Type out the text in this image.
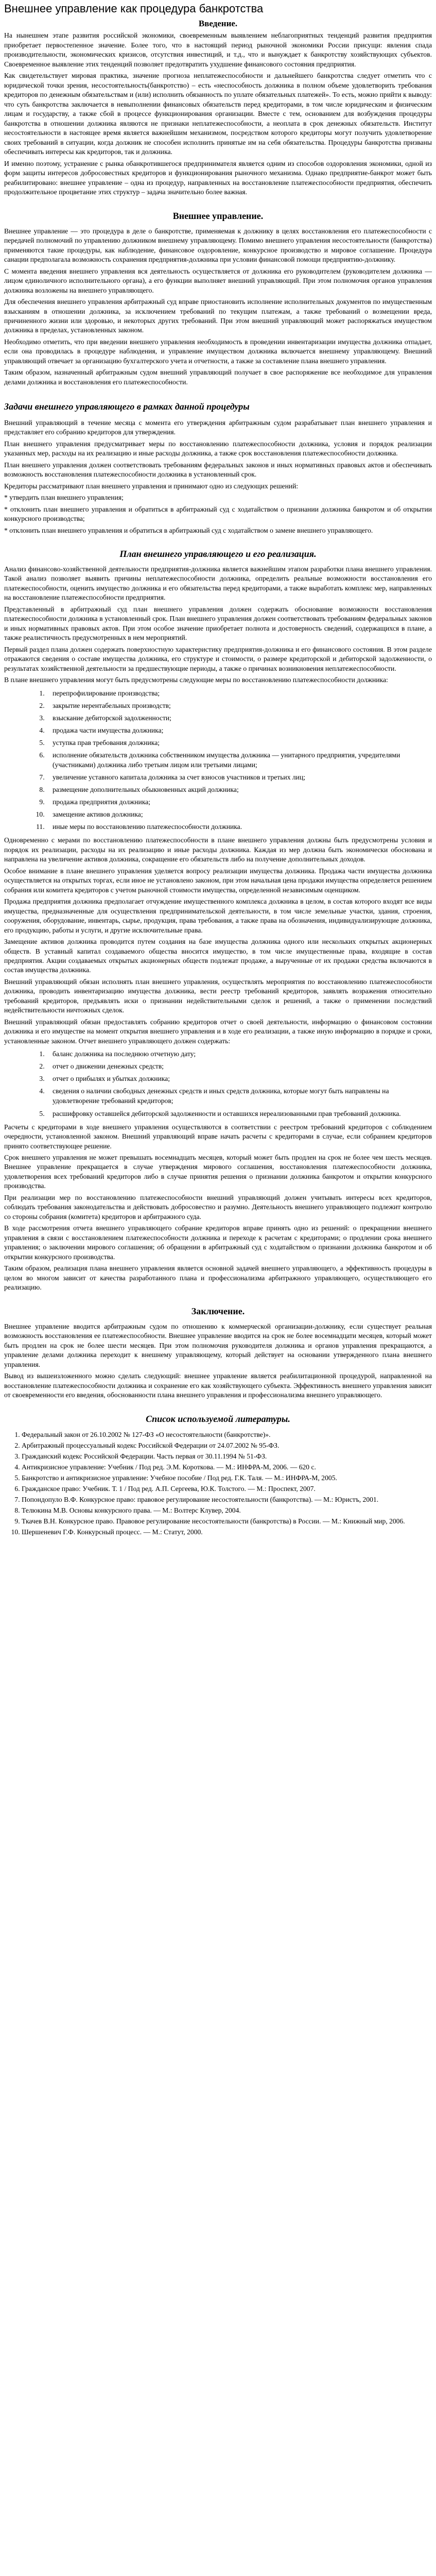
Внешнее управление как процедура банкротства
Введение.

На нынешнем этапе развития российской экономики, своевременным выявлением неблагоприятных тенденций развития предприятия приобретает первостепенное значение. Более того, что в настоящий период рыночной экономики России присущи: явления спада производительности, экономических кризисов, отсутствия инвестиций, и т.д., что и вынуждает к банкротству хозяйствующих субъектов. Своевременное выявление этих тенденций позволяет предотвратить ухудшение финансового состояния предприятия.

Как свидетельствует мировая практика, значение прогноза неплатежеспособности и дальнейшего банкротства следует отметить что с юридической точки зрения, несостоятельность(банкротство) – есть «неспособность должника в полном объеме удовлетворить требования кредиторов по денежным обязательствам и (или) исполнить обязанность по уплате обязательных платежей». То есть, можно прийти к выводу: что суть банкротства заключается в невыполнении финансовых обязательств перед кредиторами, в том числе юридическим и физическим лицам и государству, а также сбой в процессе функционирования организации. Вместе с тем, основанием для возбуждения процедуры банкротства в отношении должника являются не признаки неплатежеспособности, а неоплата в срок денежных обязательств. Институт несостоятельности в настоящее время является важнейшим механизмом, посредством которого кредиторы могут получить удовлетворение своих требований в ситуации, когда должник не способен исполнить принятые им на себя обязательства. Процедуры банкротства призваны обеспечивать интересы как кредиторов, так и должника.

И именно поэтому, устранение с рынка обанкротившегося предпринимателя является одним из способов оздоровления экономики, одной из форм защиты интересов добросовестных кредиторов и функционирования рыночного механизма. Однако предприятие-банкрот может быть реабилитировано: внешнее управление – одна из процедур, направленных на восстановление платежеспособности предприятия, обеспечить продолжительное процветание этих структур – задача значительно более важная.

Внешнее управление.

Внешнее управление — это процедура в деле о банкротстве, применяемая к должнику в целях восстановления его платежеспособности с передачей полномочий по управлению должником внешнему управляющему. Помимо внешнего управления несостоятельности (банкротства) применяются такие процедуры, как наблюдение, финансовое оздоровление, конкурсное производство и мировое соглашение. Процедура санации предполагала возможность сохранения предприятия-должника при условии финансовой помощи предприятию-должнику.

С момента введения внешнего управления вся деятельность осуществляется от должника его руководителем (руководителем должника — лицом единоличного исполнительного органа), а его функции выполняет внешний управляющий. При этом полномочия органов управления должника возложены на внешнего управляющего.

Для обеспечения внешнего управления арбитражный суд вправе приостановить исполнение исполнительных документов по имущественным взысканиям в отношении должника, за исключением требований по текущим платежам, а также требований о возмещении вреда, причиненного жизни или здоровью, и некоторых других требований. При этом внешний управляющий может распоряжаться имуществом должника в пределах, установленных законом.

Необходимо отметить, что при введении внешнего управления необходимость в проведении инвентаризации имущества должника отпадает, если она проводилась в процедуре наблюдения, и управление имуществом должника включается внешнему управляющему. Внешний управляющий отвечает за организацию бухгалтерского учета и отчетности, а также за составление плана внешнего управления.

Таким образом, назначенный арбитражным судом внешний управляющий получает в свое распоряжение все необходимое для управления делами должника и восстановления его платежеспособности.

Задачи внешнего управляющего в рамках данной процедуры

Внешний управляющий в течение месяца с момента его утверждения арбитражным судом разрабатывает план внешнего управления и представляет его собранию кредиторов для утверждения.

План внешнего управления предусматривает меры по восстановлению платежеспособности должника, условия и порядок реализации указанных мер, расходы на их реализацию и иные расходы должника, а также срок восстановления платежеспособности должника.

План внешнего управления должен соответствовать требованиям федеральных законов и иных нормативных правовых актов и обеспечивать возможность восстановления платежеспособности должника в установленный срок.

Кредиторы рассматривают план внешнего управления и принимают одно из следующих решений:

* утвердить план внешнего управления;

* отклонить план внешнего управления и обратиться в арбитражный суд с ходатайством о признании должника банкротом и об открытии конкурсного производства;

* отклонить план внешнего управления и обратиться в арбитражный суд с ходатайством о замене внешнего управляющего.

План внешнего управляющего и его реализация.

Анализ финансово-хозяйственной деятельности предприятия-должника является важнейшим этапом разработки плана внешнего управления. Такой анализ позволяет выявить причины неплатежеспособности должника, определить реальные возможности восстановления его платежеспособности, оценить имущество должника и его обязательства перед кредиторами, а также выработать комплекс мер, направленных на восстановление платежеспособности предприятия.

Представленный в арбитражный суд план внешнего управления должен содержать обоснование возможности восстановления платежеспособности должника в установленный срок. План внешнего управления должен соответствовать требованиям федеральных законов и иных нормативных правовых актов. При этом особое значение приобретает полнота и достоверность сведений, содержащихся в плане, а также реалистичность предусмотренных в нем мероприятий.

Первый раздел плана должен содержать поверхностную характеристику предприятия-должника и его финансового состояния. В этом разделе отражаются сведения о составе имущества должника, его структуре и стоимости, о размере кредиторской и дебиторской задолженности, о результатах хозяйственной деятельности за предшествующие периоды, а также о причинах возникновения неплатежеспособности.

В плане внешнего управления могут быть предусмотрены следующие меры по восстановлению платежеспособности должника:

1. перепрофилирование производства;
2. закрытие нерентабельных производств;
3. взыскание дебиторской задолженности;
4. продажа части имущества должника;
5. уступка прав требования должника;
6. исполнение обязательств должника собственником имущества должника — унитарного предприятия, учредителями (участниками) должника либо третьим лицом или третьими лицами;
7. увеличение уставного капитала должника за счет взносов участников и третьих лиц;
8. размещение дополнительных обыкновенных акций должника;
9. продажа предприятия должника;
10. замещение активов должника;
11. иные меры по восстановлению платежеспособности должника.

Одновременно с мерами по восстановлению платежеспособности в плане внешнего управления должны быть предусмотрены условия и порядок их реализации, расходы на их реализацию и иные расходы должника. Каждая из мер должна быть экономически обоснована и направлена на увеличение активов должника, сокращение его обязательств либо на получение дополнительных доходов.

Особое внимание в плане внешнего управления уделяется вопросу реализации имущества должника. Продажа части имущества должника осуществляется на открытых торгах, если иное не установлено законом, при этом начальная цена продажи имущества определяется решением собрания или комитета кредиторов с учетом рыночной стоимости имущества, определенной независимым оценщиком.

Продажа предприятия должника предполагает отчуждение имущественного комплекса должника в целом, в состав которого входят все виды имущества, предназначенные для осуществления предпринимательской деятельности, в том числе земельные участки, здания, строения, сооружения, оборудование, инвентарь, сырье, продукция, права требования, а также права на обозначения, индивидуализирующие должника, его продукцию, работы и услуги, и другие исключительные права.

Замещение активов должника проводится путем создания на базе имущества должника одного или нескольких открытых акционерных обществ. В уставный капитал создаваемого общества вносится имущество, в том числе имущественные права, входящие в состав предприятия. Акции создаваемых открытых акционерных обществ подлежат продаже, а вырученные от их продажи средства включаются в состав имущества должника.

Внешний управляющий обязан исполнять план внешнего управления, осуществлять мероприятия по восстановлению платежеспособности должника, проводить инвентаризацию имущества должника, вести реестр требований кредиторов, заявлять возражения относительно требований кредиторов, предъявлять иски о признании недействительными сделок и решений, а также о применении последствий недействительности ничтожных сделок.

Внешний управляющий обязан предоставлять собранию кредиторов отчет о своей деятельности, информацию о финансовом состоянии должника и его имуществе на момент открытия внешнего управления и в ходе его реализации, а также иную информацию в порядке и сроки, установленные законом. Отчет внешнего управляющего должен содержать:

1. баланс должника на последнюю отчетную дату;
2. отчет о движении денежных средств;
3. отчет о прибылях и убытках должника;
4. сведения о наличии свободных денежных средств и иных средств должника, которые могут быть направлены на удовлетворение требований кредиторов;
5. расшифровку оставшейся дебиторской задолженности и оставшихся нереализованными прав требований должника.

Расчеты с кредиторами в ходе внешнего управления осуществляются в соответствии с реестром требований кредиторов с соблюдением очередности, установленной законом. Внешний управляющий вправе начать расчеты с кредиторами в случае, если собранием кредиторов принято соответствующее решение.

Срок внешнего управления не может превышать восемнадцать месяцев, который может быть продлен на срок не более чем шесть месяцев. Внешнее управление прекращается в случае утверждения мирового соглашения, восстановления платежеспособности должника, удовлетворения всех требований кредиторов либо в случае принятия решения о признании должника банкротом и открытии конкурсного производства.

При реализации мер по восстановлению платежеспособности внешний управляющий должен учитывать интересы всех кредиторов, соблюдать требования законодательства и действовать добросовестно и разумно. Деятельность внешнего управляющего подлежит контролю со стороны собрания (комитета) кредиторов и арбитражного суда.

В ходе рассмотрения отчета внешнего управляющего собрание кредиторов вправе принять одно из решений: о прекращении внешнего управления в связи с восстановлением платежеспособности должника и переходе к расчетам с кредиторами; о продлении срока внешнего управления; о заключении мирового соглашения; об обращении в арбитражный суд с ходатайством о признании должника банкротом и об открытии конкурсного производства.

Таким образом, реализация плана внешнего управления является основной задачей внешнего управляющего, а эффективность процедуры в целом во многом зависит от качества разработанного плана и профессионализма арбитражного управляющего, осуществляющего его реализацию.

Заключение.

Внешнее управление вводится арбитражным судом по отношению к коммерческой организации-должнику, если существует реальная возможность восстановления ее платежеспособности. Внешнее управление вводится на срок не более восемнадцати месяцев, который может быть продлен на срок не более шести месяцев. При этом полномочия руководителя должника и органов управления прекращаются, а управление делами должника переходит к внешнему управляющему, который действует на основании утвержденного плана внешнего управления.

Вывод из вышеизложенного можно сделать следующий: внешнее управление является реабилитационной процедурой, направленной на восстановление платежеспособности должника и сохранение его как хозяйствующего субъекта. Эффективность внешнего управления зависит от своевременности его введения, обоснованности плана внешнего управления и профессионализма внешнего управляющего.

Список используемой литературы.
1. Федеральный закон от 26.10.2002 № 127-ФЗ «О несостоятельности (банкротстве)».
2. Арбитражный процессуальный кодекс Российской Федерации от 24.07.2002 № 95-ФЗ.
3. Гражданский кодекс Российской Федерации. Часть первая от 30.11.1994 № 51-ФЗ.
4. Антикризисное управление: Учебник / Под ред. Э.М. Короткова. — М.: ИНФРА-М, 2006. — 620 с.
5. Банкротство и антикризисное управление: Учебное пособие / Под ред. Г.К. Таля. — М.: ИНФРА-М, 2005.
6. Гражданское право: Учебник. Т. 1 / Под ред. А.П. Сергеева, Ю.К. Толстого. — М.: Проспект, 2007.
7. Попондопуло В.Ф. Конкурсное право: правовое регулирование несостоятельности (банкротства). — М.: Юристъ, 2001.
8. Телюкина М.В. Основы конкурсного права. — М.: Волтерс Клувер, 2004.
9. Ткачев В.Н. Конкурсное право. Правовое регулирование несостоятельности (банкротства) в России. — М.: Книжный мир, 2006.
10. Шершеневич Г.Ф. Конкурсный процесс. — М.: Статут, 2000.
